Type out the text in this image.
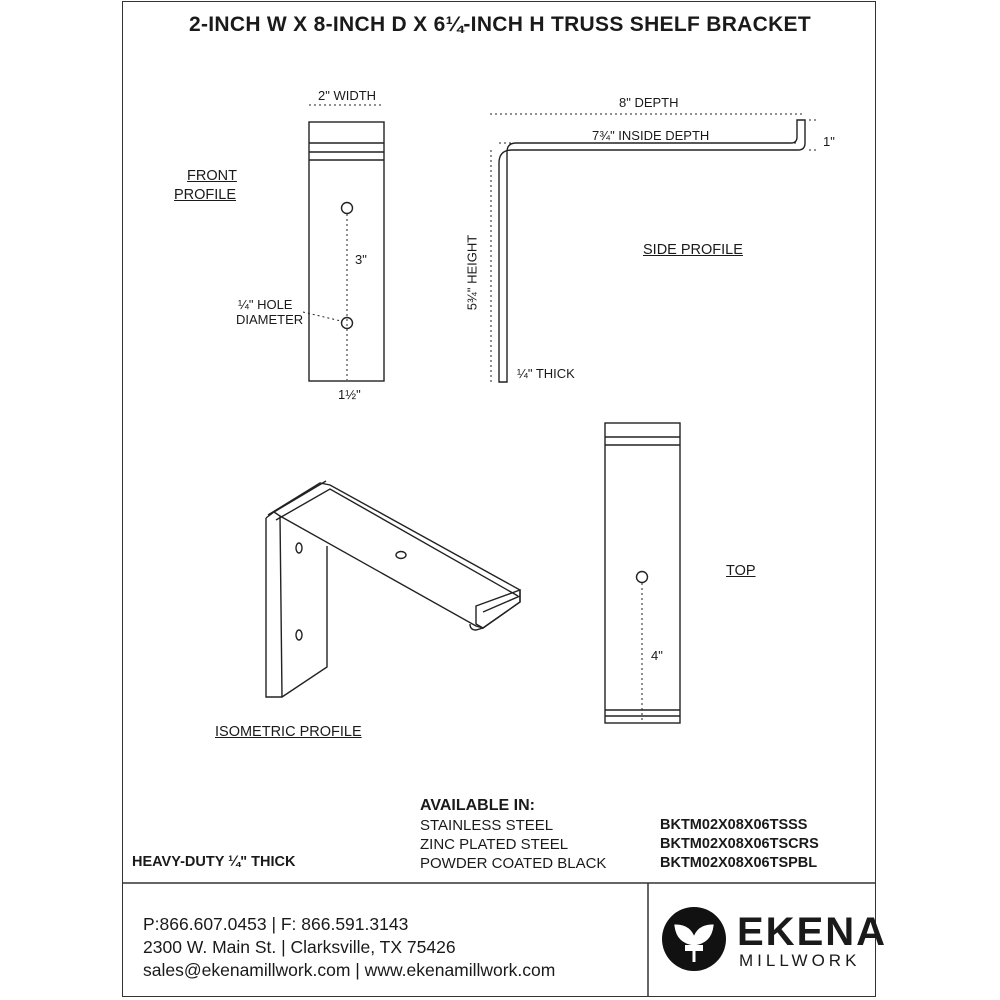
2-INCH W X 8-INCH D X 6¼-INCH H TRUSS SHELF BRACKET
2" WIDTH
FRONT
PROFILE
3"
¼" HOLE
DIAMETER
1½"
8" DEPTH
7¾" INSIDE DEPTH	1"
SIDE PROFILE
5¾" HEIGHT
¼" THICK
TOP
4"
ISOMETRIC PROFILE
AVAILABLE IN:
STAINLESS STEEL
ZINC PLATED STEEL
POWDER COATED BLACK
BKTM02X08X06TSSS
BKTM02X08X06TSCRS
BKTM02X08X06TSPBL
HEAVY-DUTY ¼" THICK
P:866.607.0453 | F: 866.591.3143
2300 W. Main St. | Clarksville, TX 75426
sales@ekenamillwork.com | www.ekenamillwork.com
EKENA
MILLWORK
